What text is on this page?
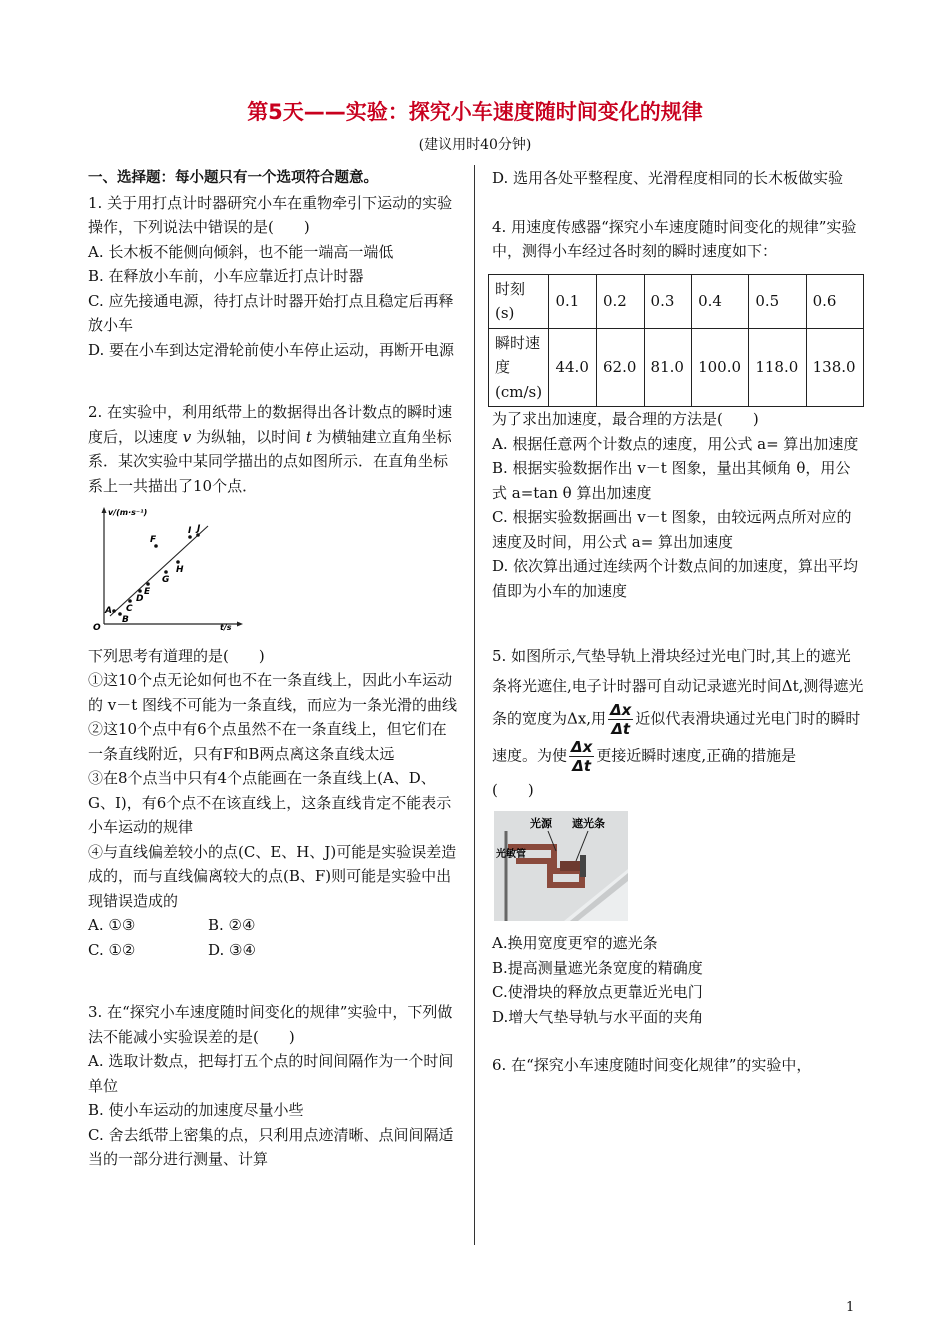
第5天——实验：探究小车速度随时间变化的规律
(建议用时40分钟)

一、选择题：每小题只有一个选项符合题意。

1. 关于用打点计时器研究小车在重物牵引下运动的实验操作，下列说法中错误的是(　　)

A. 长木板不能侧向倾斜，也不能一端高一端低

B. 在释放小车前，小车应靠近打点计时器

C. 应先接通电源，待打点计时器开始打点且稳定后再释放小车

D. 要在小车到达定滑轮前使小车停止运动，再断开电源

2. 在实验中，利用纸带上的数据得出各计数点的瞬时速度后，以速度 v 为纵轴，以时间 t 为横轴建立直角坐标系．某次实验中某同学描出的点如图所示．在直角坐标系上一共描出了10个点．

v/(m·s⁻¹)
t/s
O
A
B
C
D
E
F
G
H
I J

下列思考有道理的是(　　)

①这10个点无论如何也不在一条直线上，因此小车运动的 v－t 图线不可能为一条直线，而应为一条光滑的曲线

②这10个点中有6个点虽然不在一条直线上，但它们在一条直线附近，只有F和B两点离这条直线太远

③在8个点当中只有4个点能画在一条直线上(A、D、G、I)，有6个点不在该直线上，这条直线肯定不能表示小车运动的规律

④与直线偏差较小的点(C、E、H、J)可能是实验误差造成的，而与直线偏离较大的点(B、F)则可能是实验中出现错误造成的

A. ①③	B. ②④

C. ①②	D. ③④

3. 在“探究小车速度随时间变化的规律”实验中，下列做法不能减小实验误差的是(　　)

A. 选取计数点，把每打五个点的时间间隔作为一个时间单位

B. 使小车运动的加速度尽量小些

C. 舍去纸带上密集的点，只利用点迹清晰、点间间隔适当的一部分进行测量、计算

D. 选用各处平整程度、光滑程度相同的长木板做实验

4. 用速度传感器“探究小车速度随时间变化的规律”实验中，测得小车经过各时刻的瞬时速度如下：

时刻(s)	0.1	0.2	0.3	0.4	0.5	0.6
瞬时速度(cm/s)	44.0	62.0	81.0	100.0	118.0	138.0

为了求出加速度，最合理的方法是(　　)

A. 根据任意两个计数点的速度，用公式 a= 算出加速度

B. 根据实验数据作出 v－t 图象，量出其倾角 θ，用公式 a=tan θ 算出加速度

C. 根据实验数据画出 v－t 图象，由较远两点所对应的速度及时间，用公式 a= 算出加速度

D. 依次算出通过连续两个计数点间的加速度，算出平均值即为小车的加速度

5. 如图所示,气垫导轨上滑块经过光电门时,其上的遮光条将光遮住,电子计时器可自动记录遮光时间Δt,测得遮光条的宽度为Δx,用 $\frac{\Delta x}{\Delta t}$ 近似代表滑块通过光电门时的瞬时速度。为使 $\frac{\Delta x}{\Delta t}$ 更接近瞬时速度,正确的措施是　　(　　)

光源 遮光条
光敏管

A.换用宽度更窄的遮光条

B.提高测量遮光条宽度的精确度

C.使滑块的释放点更靠近光电门

D.增大气垫导轨与水平面的夹角

6. 在“探究小车速度随时间变化规律”的实验中，

1
